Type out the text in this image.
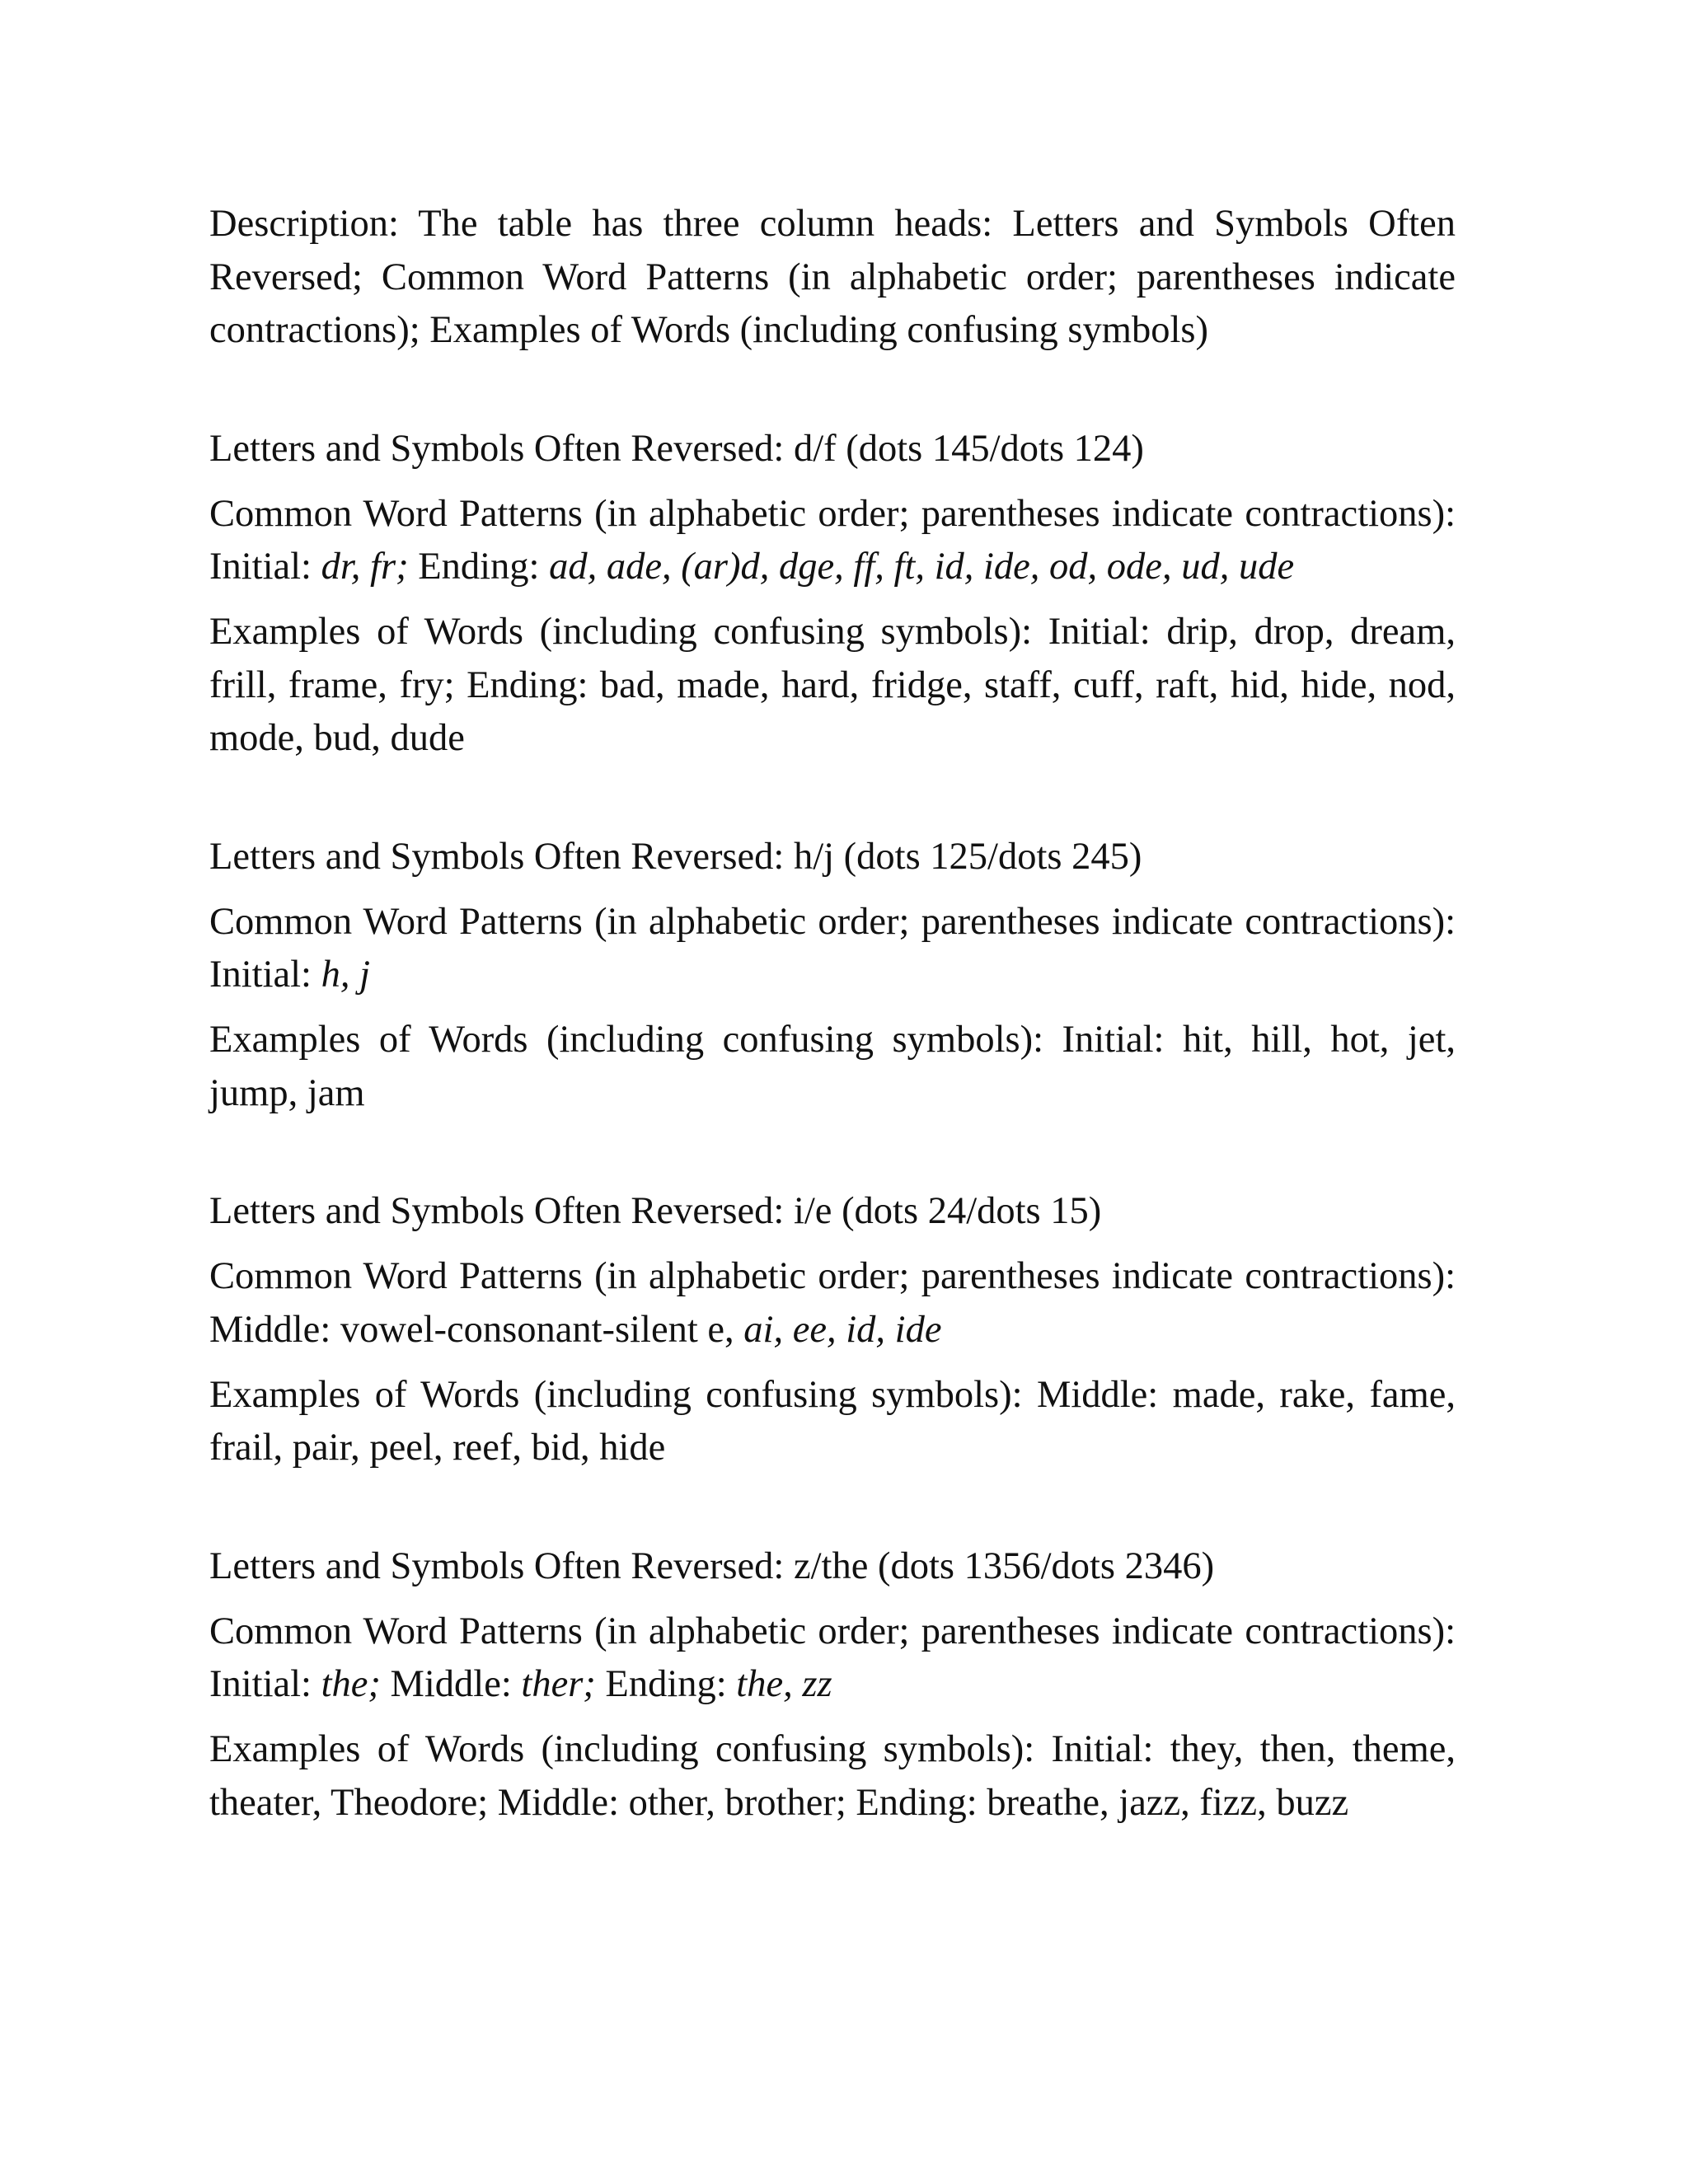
Description: The table has three column heads: Letters and Symbols Often Reversed; Common Word Patterns (in alphabetic order; parentheses indicate contractions); Examples of Words (including confusing symbols)

Letters and Symbols Often Reversed: d/f (dots 145/dots 124)

Common Word Patterns (in alphabetic order; parentheses indicate contractions): Initial: dr, fr; Ending: ad, ade, (ar)d, dge, ff, ft, id, ide, od, ode, ud, ude

Examples of Words (including confusing symbols): Initial: drip, drop, dream, frill, frame, fry; Ending: bad, made, hard, fridge, staff, cuff, raft, hid, hide, nod, mode, bud, dude

Letters and Symbols Often Reversed: h/j (dots 125/dots 245)

Common Word Patterns (in alphabetic order; parentheses indicate contractions): Initial: h, j

Examples of Words (including confusing symbols): Initial: hit, hill, hot, jet, jump, jam

Letters and Symbols Often Reversed: i/e (dots 24/dots 15)

Common Word Patterns (in alphabetic order; parentheses indicate contractions): Middle: vowel-consonant-silent e, ai, ee, id, ide

Examples of Words (including confusing symbols): Middle: made, rake, fame, frail, pair, peel, reef, bid, hide

Letters and Symbols Often Reversed: z/the (dots 1356/dots 2346)

Common Word Patterns (in alphabetic order; parentheses indicate contractions): Initial: the; Middle: ther; Ending: the, zz

Examples of Words (including confusing symbols): Initial: they, then, theme, theater, Theodore; Middle: other, brother; Ending: breathe, jazz, fizz, buzz
